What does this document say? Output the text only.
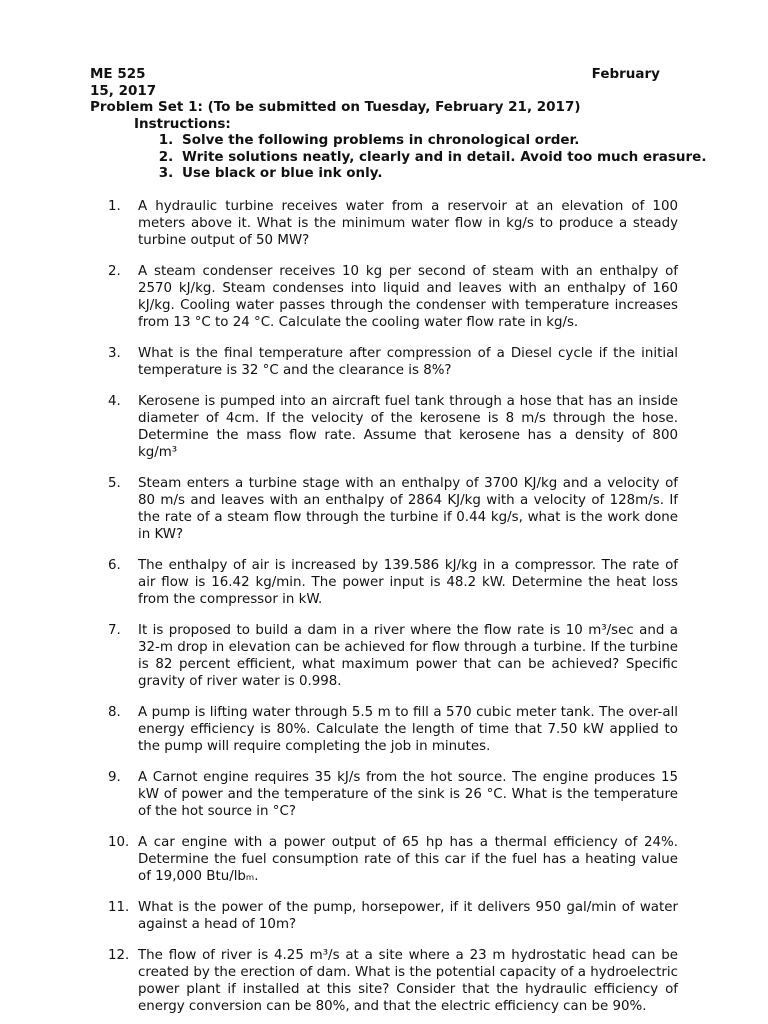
ME 525	February
15, 2017
Problem Set 1: (To be submitted on Tuesday, February 21, 2017)
Instructions:
1. Solve the following problems in chronological order.
2. Write solutions neatly, clearly and in detail. Avoid too much erasure.
3. Use black or blue ink only.
1. A hydraulic turbine receives water from a reservoir at an elevation of 100 meters above it. What is the minimum water flow in kg/s to produce a steady turbine output of 50 MW?
2. A steam condenser receives 10 kg per second of steam with an enthalpy of 2570 kJ/kg. Steam condenses into liquid and leaves with an enthalpy of 160 kJ/kg. Cooling water passes through the condenser with temperature increases from 13 °C to 24 °C. Calculate the cooling water flow rate in kg/s.
3. What is the final temperature after compression of a Diesel cycle if the initial temperature is 32 °C and the clearance is 8%?
4. Kerosene is pumped into an aircraft fuel tank through a hose that has an inside diameter of 4cm. If the velocity of the kerosene is 8 m/s through the hose. Determine the mass flow rate. Assume that kerosene has a density of 800 kg/m³
5. Steam enters a turbine stage with an enthalpy of 3700 KJ/kg and a velocity of 80 m/s and leaves with an enthalpy of 2864 KJ/kg with a velocity of 128m/s. If the rate of a steam flow through the turbine if 0.44 kg/s, what is the work done in KW?
6. The enthalpy of air is increased by 139.586 kJ/kg in a compressor. The rate of air flow is 16.42 kg/min. The power input is 48.2 kW. Determine the heat loss from the compressor in kW.
7. It is proposed to build a dam in a river where the flow rate is 10 m³/sec and a 32-m drop in elevation can be achieved for flow through a turbine. If the turbine is 82 percent efficient, what maximum power that can be achieved? Specific gravity of river water is 0.998.
8. A pump is lifting water through 5.5 m to fill a 570 cubic meter tank. The over-all energy efficiency is 80%. Calculate the length of time that 7.50 kW applied to the pump will require completing the job in minutes.
9. A Carnot engine requires 35 kJ/s from the hot source. The engine produces 15 kW of power and the temperature of the sink is 26 °C. What is the temperature of the hot source in °C?
10. A car engine with a power output of 65 hp has a thermal efficiency of 24%. Determine the fuel consumption rate of this car if the fuel has a heating value of 19,000 Btu/lbₘ.
11. What is the power of the pump, horsepower, if it delivers 950 gal/min of water against a head of 10m?
12. The flow of river is 4.25 m³/s at a site where a 23 m hydrostatic head can be created by the erection of dam. What is the potential capacity of a hydroelectric power plant if installed at this site? Consider that the hydraulic efficiency of energy conversion can be 80%, and that the electric efficiency can be 90%.
